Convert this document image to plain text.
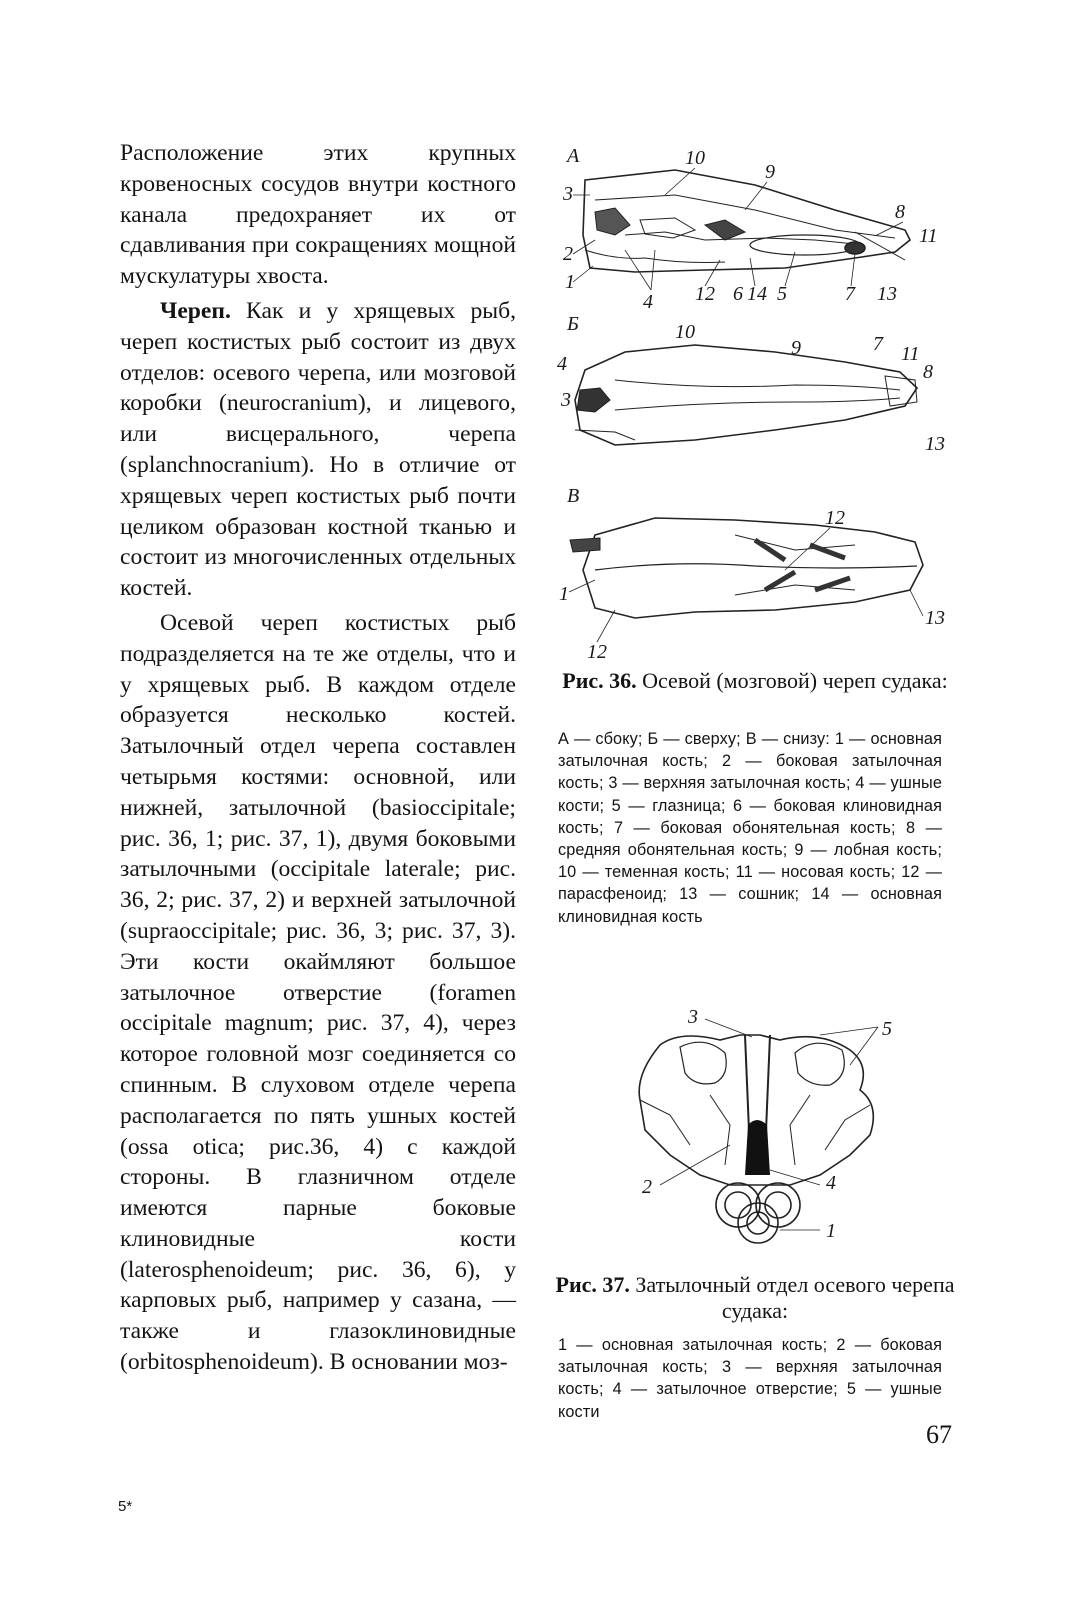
Расположение этих крупных кровеносных сосудов внутри костного канала предохраняет их от сдавливания при сокращениях мощной мускулатуры хвоста.

Череп. Как и у хрящевых рыб, череп костистых рыб состоит из двух отделов: осевого черепа, или мозговой коробки (neurocranium), и лицевого, или висцерального, черепа (splanchnocranium). Но в отличие от хрящевых череп костистых рыб почти целиком образован костной тканью и состоит из многочисленных отдельных костей.

Осевой череп костистых рыб подразделяется на те же отделы, что и у хрящевых рыб. В каждом отделе образуется несколько костей. Затылочный отдел черепа составлен четырьмя костями: основной, или нижней, затылочной (basioccipitale; рис. 36, 1; рис. 37, 1), двумя боковыми затылочными (occipitale laterale; рис. 36, 2; рис. 37, 2) и верхней затылочной (supraoccipitale; рис. 36, 3; рис. 37, 3). Эти кости окаймляют большое затылочное отверстие (foramen occipitale magnum; рис. 37, 4), через которое головной мозг соединяется со спинным. В слуховом отделе черепа располагается по пять ушных костей (ossa otica; рис.36, 4) с каждой стороны. В глазничном отделе имеются парные боковые клиновидные кости (laterosphenoideum; рис. 36, 6), у карповых рыб, например у сазана, — также и глазоклиновидные (orbitosphenoideum). В основании моз-

А	10
9
3
8
11
2
1
4 12 6 14 5	7 13
Б	10
9	7 11
4	8
3
13
В
12
1
13
12
Рис. 36. Осевой (мозговой) череп судака:
А — сбоку; Б — сверху; В — снизу: 1 — основная затылочная кость; 2 — боковая затылочная кость; 3 — верхняя затылочная кость; 4 — ушные кости; 5 — глазница; 6 — боковая клиновидная кость; 7 — боковая обонятельная кость; 8 — средняя обонятельная кость; 9 — лобная кость; 10 — теменная кость; 11 — носовая кость; 12 — парасфеноид; 13 — сошник; 14 — основная клиновидная кость
3
5
2	4
1
Рис. 37. Затылочный отдел осевого черепа судака:
1 — основная затылочная кость; 2 — боковая затылочная кость; 3 — верхняя затылочная кость; 4 — затылочное отверстие; 5 — ушные кости
67
5*
